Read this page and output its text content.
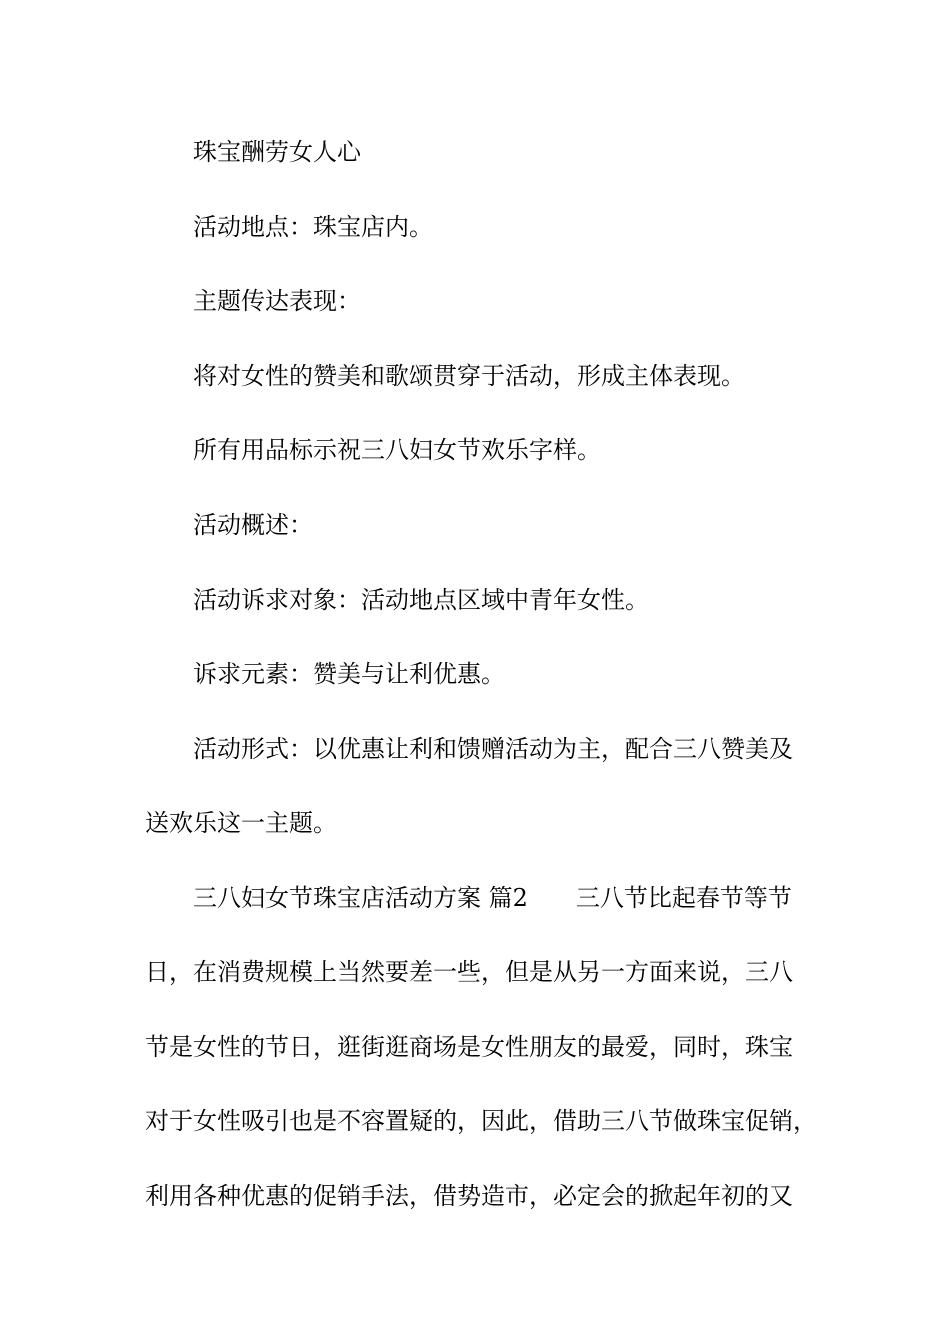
珠宝酬劳女人心
活动地点：珠宝店内。
主题传达表现：
将对女性的赞美和歌颂贯穿于活动，形成主体表现。
所有用品标示祝三八妇女节欢乐字样。
活动概述：
活动诉求对象：活动地点区域中青年女性。
诉求元素：赞美与让利优惠。
活动形式：以优惠让利和馈赠活动为主，配合三八赞美及
送欢乐这一主题。
三八妇女节珠宝店活动方案 篇2 三八节比起春节等节
日，在消费规模上当然要差一些，但是从另一方面来说，三八
节是女性的节日，逛街逛商场是女性朋友的最爱，同时，珠宝
对于女性吸引也是不容置疑的，因此，借助三八节做珠宝促销，
利用各种优惠的促销手法，借势造市，必定会的掀起年初的又
